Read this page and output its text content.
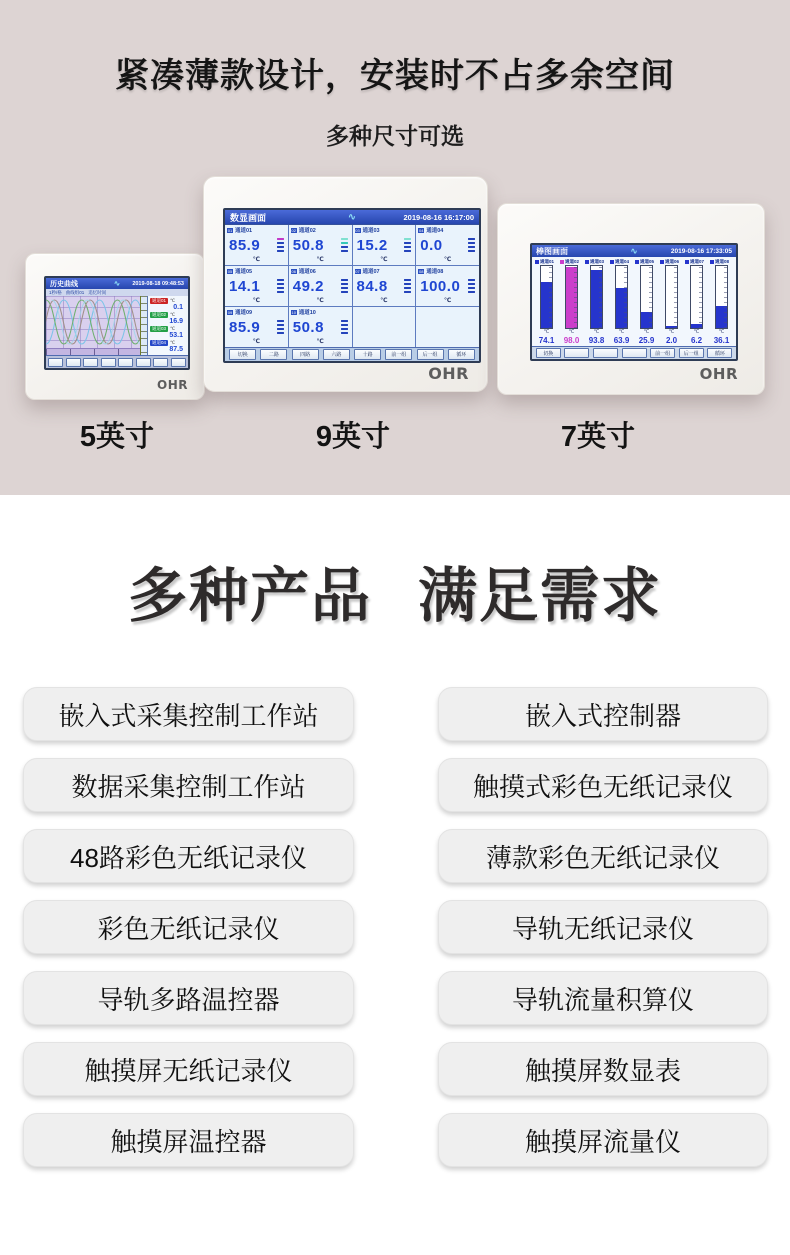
紧凑薄款设计，安装时不占多余空间
多种尺寸可选
历史曲线	∿ 2019-08-18 09:48:53
1秒/格 曲线组01 追忆时间
通道01 ℃
0.1
通道02 ℃
16.9
通道03 ℃
53.1
通道04 ℃
87.5
OHR
数显画面	∿	2019-08-16 16:17:00
01 通道01
85.9
℃
02 通道02
50.8
℃
03 通道03
15.2
℃
04 通道04
0.0
℃
05 通道05
14.1
℃
06 通道06
49.2
℃
07 通道07
84.8
℃
08 通道08
100.0
℃
09 通道09
85.9
℃
10 通道10
50.8
℃
切换	二路	四路	六路	十路	前一组	后一组	循环
OHR
棒图画面	∿	2019-08-16 17:33:05
通道01
℃
74.1
通道02
℃
98.0
通道03
℃
93.8
通道04
℃
63.9
通道05
℃
25.9
通道06
℃
2.0
通道07
℃
6.2
通道08
℃
36.1
切换	前一组	后一组	循环
OHR
5英寸	9英寸	7英寸
多种产品 满足需求
嵌入式采集控制工作站
数据采集控制工作站
48路彩色无纸记录仪
彩色无纸记录仪
导轨多路温控器
触摸屏无纸记录仪
触摸屏温控器
嵌入式控制器
触摸式彩色无纸记录仪
薄款彩色无纸记录仪
导轨无纸记录仪
导轨流量积算仪
触摸屏数显表
触摸屏流量仪
